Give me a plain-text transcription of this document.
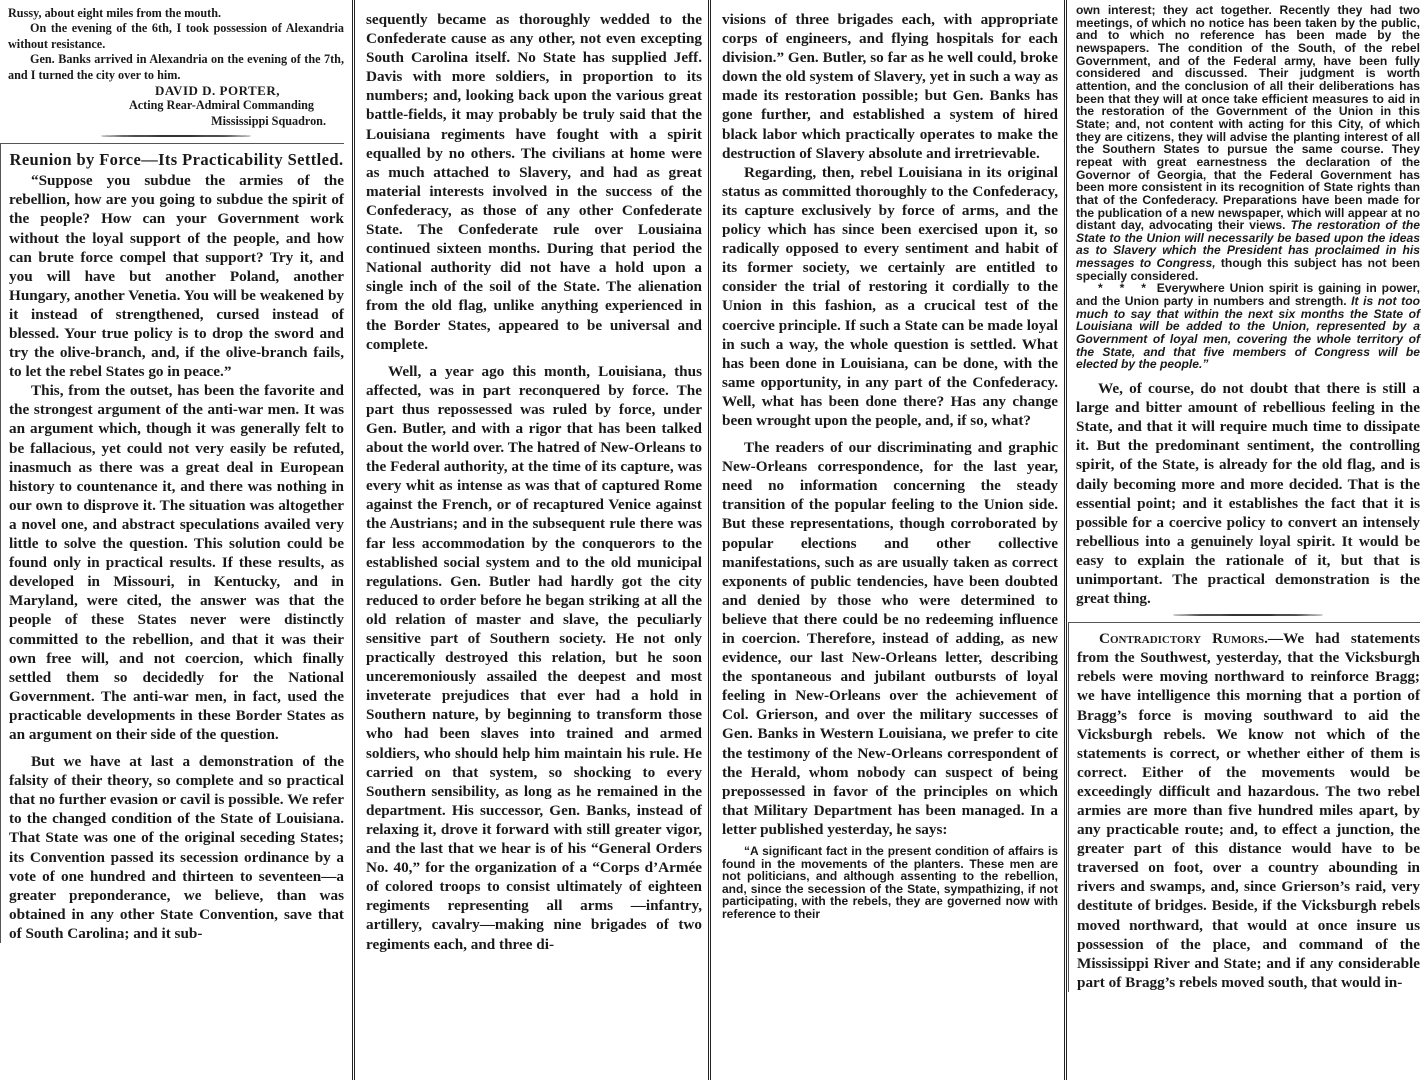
Russy, about eight miles from the mouth.

On the evening of the 6th, I took possession of Alexandria without resistance.

Gen. Banks arrived in Alexandria on the evening of the 7th, and I turned the city over to him.

DAVID D. PORTER,
Acting Rear-Admiral Commanding
Mississippi Squadron.
Reunion by Force—Its Practicability Settled.

“Suppose you subdue the armies of the rebellion, how are you going to subdue the spirit of the people? How can your Government work without the loyal support of the people, and how can brute force compel that support? Try it, and you will have but another Poland, another Hungary, another Venetia. You will be weakened by it instead of strengthened, cursed instead of blessed. Your true policy is to drop the sword and try the olive-branch, and, if the olive-branch fails, to let the rebel States go in peace.”

This, from the outset, has been the favorite and the strongest argument of the anti-war men. It was an argument which, though it was generally felt to be fallacious, yet could not very easily be refuted, inasmuch as there was a great deal in European history to countenance it, and there was nothing in our own to disprove it. The situation was altogether a novel one, and abstract speculations availed very little to solve the question. This solution could be found only in practical results. If these results, as developed in Missouri, in Kentucky, and in Maryland, were cited, the answer was that the people of these States never were distinctly committed to the rebellion, and that it was their own free will, and not coercion, which finally settled them so decidedly for the National Government. The anti-war men, in fact, used the practicable developments in these Border States as an argument on their side of the question.

But we have at last a demonstration of the falsity of their theory, so complete and so practical that no further evasion or cavil is possible. We refer to the changed condition of the State of Louisiana. That State was one of the original seceding States; its Convention passed its secession ordinance by a vote of one hundred and thirteen to seventeen—a greater preponderance, we believe, than was obtained in any other State Convention, save that of South Carolina; and it sub-

sequently became as thoroughly wedded to the Confederate cause as any other, not even excepting South Carolina itself. No State has supplied Jeff. Davis with more soldiers, in proportion to its numbers; and, looking back upon the various great battle-fields, it may probably be truly said that the Louisiana regiments have fought with a spirit equalled by no others. The civilians at home were as much attached to Slavery, and had as great material interests involved in the success of the Confederacy, as those of any other Confederate State. The Confederate rule over Lousiaina continued sixteen months. During that period the National authority did not have a hold upon a single inch of the soil of the State. The alienation from the old flag, unlike anything experienced in the Border States, appeared to be universal and complete.

Well, a year ago this month, Louisiana, thus affected, was in part reconquered by force. The part thus repossessed was ruled by force, under Gen. Butler, and with a rigor that has been talked about the world over. The hatred of New-Orleans to the Federal authority, at the time of its capture, was every whit as intense as was that of captured Rome against the French, or of recaptured Venice against the Austrians; and in the subsequent rule there was far less accommodation by the conquerors to the established social system and to the old municipal regulations. Gen. Butler had hardly got the city reduced to order before he began striking at all the old relation of master and slave, the peculiarly sensitive part of Southern society. He not only practically destroyed this relation, but he soon unceremoniously assailed the deepest and most inveterate prejudices that ever had a hold in Southern nature, by beginning to transform those who had been slaves into trained and armed soldiers, who should help him maintain his rule. He carried on that system, so shocking to every Southern sensibility, as long as he remained in the department. His successor, Gen. Banks, instead of relaxing it, drove it forward with still greater vigor, and the last that we hear is of his “General Orders No. 40,” for the organization of a “Corps d’Armée of colored troops to consist ultimately of eighteen regiments representing all arms —infantry, artillery, cavalry—making nine brigades of two regiments each, and three di-

visions of three brigades each, with appropriate corps of engineers, and flying hospitals for each division.” Gen. Butler, so far as he well could, broke down the old system of Slavery, yet in such a way as made its restoration possible; but Gen. Banks has gone further, and established a system of hired black labor which practically operates to make the destruction of Slavery absolute and irretrievable.

Regarding, then, rebel Louisiana in its original status as committed thoroughly to the Confederacy, its capture exclusively by force of arms, and the policy which has since been exercised upon it, so radically opposed to every sentiment and habit of its former society, we certainly are entitled to consider the trial of restoring it cordially to the Union in this fashion, as a crucical test of the coercive principle. If such a State can be made loyal in such a way, the whole question is settled. What has been done in Louisiana, can be done, with the same opportunity, in any part of the Confederacy. Well, what has been done there? Has any change been wrought upon the people, and, if so, what?

The readers of our discriminating and graphic New-Orleans correspondence, for the last year, need no information concerning the steady transition of the popular feeling to the Union side. But these representations, though corroborated by popular elections and other collective manifestations, such as are usually taken as correct exponents of public tendencies, have been doubted and denied by those who were determined to believe that there could be no redeeming influence in coercion. Therefore, instead of adding, as new evidence, our last New-Orleans letter, describing the spontaneous and jubilant outbursts of loyal feeling in New-Orleans over the achievement of Col. Grierson, and over the military successes of Gen. Banks in Western Louisiana, we prefer to cite the testimony of the New-Orleans correspondent of the Herald, whom nobody can suspect of being prepossessed in favor of the principles on which that Military Department has been managed. In a letter published yesterday, he says:

“A significant fact in the present condition of affairs is found in the movements of the planters. These men are not politicians, and although assenting to the rebellion, and, since the secession of the State, sympathizing, if not participating, with the rebels, they are governed now with reference to their

own interest; they act together. Recently they had two meetings, of which no notice has been taken by the public, and to which no reference has been made by the newspapers. The condition of the South, of the rebel Government, and of the Federal army, have been fully considered and discussed. Their judgment is worth attention, and the conclusion of all their deliberations has been that they will at once take efficient measures to aid in the restoration of the Government of the Union in this State; and, not content with acting for this City, of which they are citizens, they will advise the planting interest of all the Southern States to pursue the same course. They repeat with great earnestness the declaration of the Governor of Georgia, that the Federal Government has been more consistent in its recognition of State rights than that of the Confederacy. Preparations have been made for the publication of a new newspaper, which will appear at no distant day, advocating their views. The restoration of the State to the Union will necessarily be based upon the ideas as to Slavery which the President has proclaimed in his messages to Congress, though this subject has not been specially considered.

* * * Everywhere Union spirit is gaining in power, and the Union party in numbers and strength. It is not too much to say that within the next six months the State of Louisiana will be added to the Union, represented by a Government of loyal men, covering the whole territory of the State, and that five members of Congress will be elected by the people.”

We, of course, do not doubt that there is still a large and bitter amount of rebellious feeling in the State, and that it will require much time to dissipate it. But the predominant sentiment, the controlling spirit, of the State, is already for the old flag, and is daily becoming more and more decided. That is the essential point; and it establishes the fact that it is possible for a coercive policy to convert an intensely rebellious into a genuinely loyal spirit. It would be easy to explain the rationale of it, but that is unimportant. The practical demonstration is the great thing.

Contradictory Rumors.—We had statements from the Southwest, yesterday, that the Vicksburgh rebels were moving northward to reinforce Bragg; we have intelligence this morning that a portion of Bragg’s force is moving southward to aid the Vicksburgh rebels. We know not which of the statements is correct, or whether either of them is correct. Either of the movements would be exceedingly difficult and hazardous. The two rebel armies are more than five hundred miles apart, by any practicable route; and, to effect a junction, the greater part of this distance would have to be traversed on foot, over a country abounding in rivers and swamps, and, since Grierson’s raid, very destitute of bridges. Beside, if the Vicksburgh rebels moved northward, that would at once insure us possession of the place, and command of the Mississippi River and State; and if any considerable part of Bragg’s rebels moved south, that would in-
